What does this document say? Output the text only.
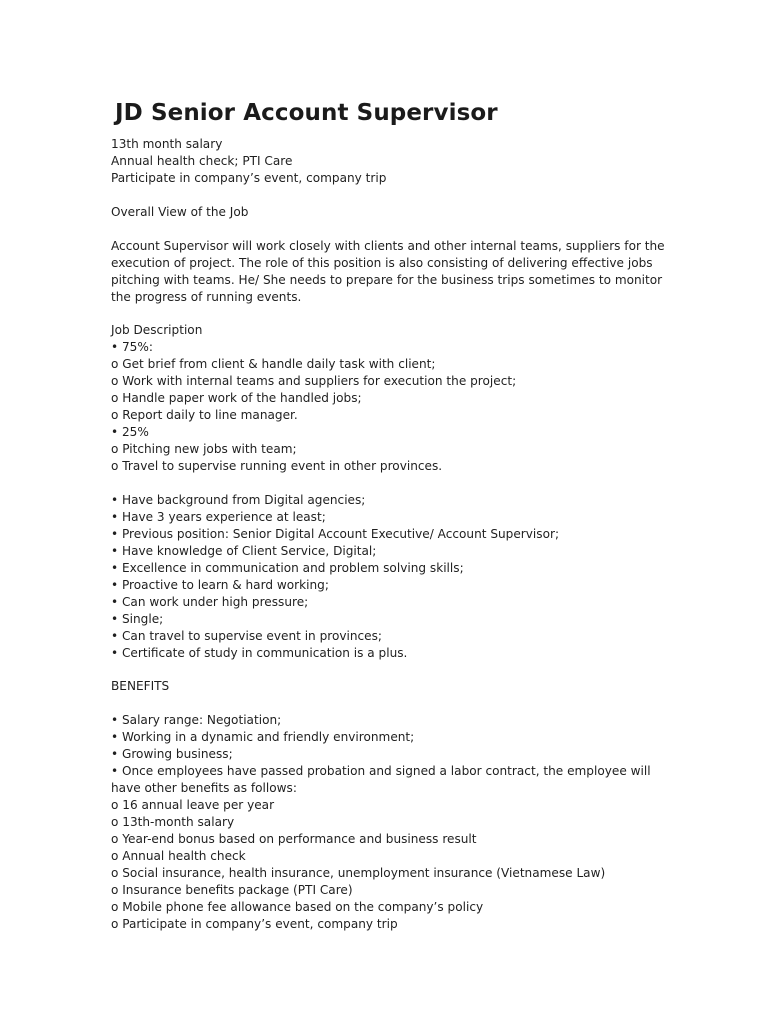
JD Senior Account Supervisor
13th month salary
Annual health check; PTI Care
Participate in company’s event, company trip
Overall View of the Job
Account Supervisor will work closely with clients and other internal teams, suppliers for the
execution of project. The role of this position is also consisting of delivering effective jobs
pitching with teams. He/ She needs to prepare for the business trips sometimes to monitor
the progress of running events.
Job Description
• 75%:
o Get brief from client & handle daily task with client;
o Work with internal teams and suppliers for execution the project;
o Handle paper work of the handled jobs;
o Report daily to line manager.
• 25%
o Pitching new jobs with team;
o Travel to supervise running event in other provinces.
• Have background from Digital agencies;
• Have 3 years experience at least;
• Previous position: Senior Digital Account Executive/ Account Supervisor;
• Have knowledge of Client Service, Digital;
• Excellence in communication and problem solving skills;
• Proactive to learn & hard working;
• Can work under high pressure;
• Single;
• Can travel to supervise event in provinces;
• Certificate of study in communication is a plus.
BENEFITS
• Salary range: Negotiation;
• Working in a dynamic and friendly environment;
• Growing business;
• Once employees have passed probation and signed a labor contract, the employee will
have other benefits as follows:
o 16 annual leave per year
o 13th-month salary
o Year-end bonus based on performance and business result
o Annual health check
o Social insurance, health insurance, unemployment insurance (Vietnamese Law)
o Insurance benefits package (PTI Care)
o Mobile phone fee allowance based on the company’s policy
o Participate in company’s event, company trip
